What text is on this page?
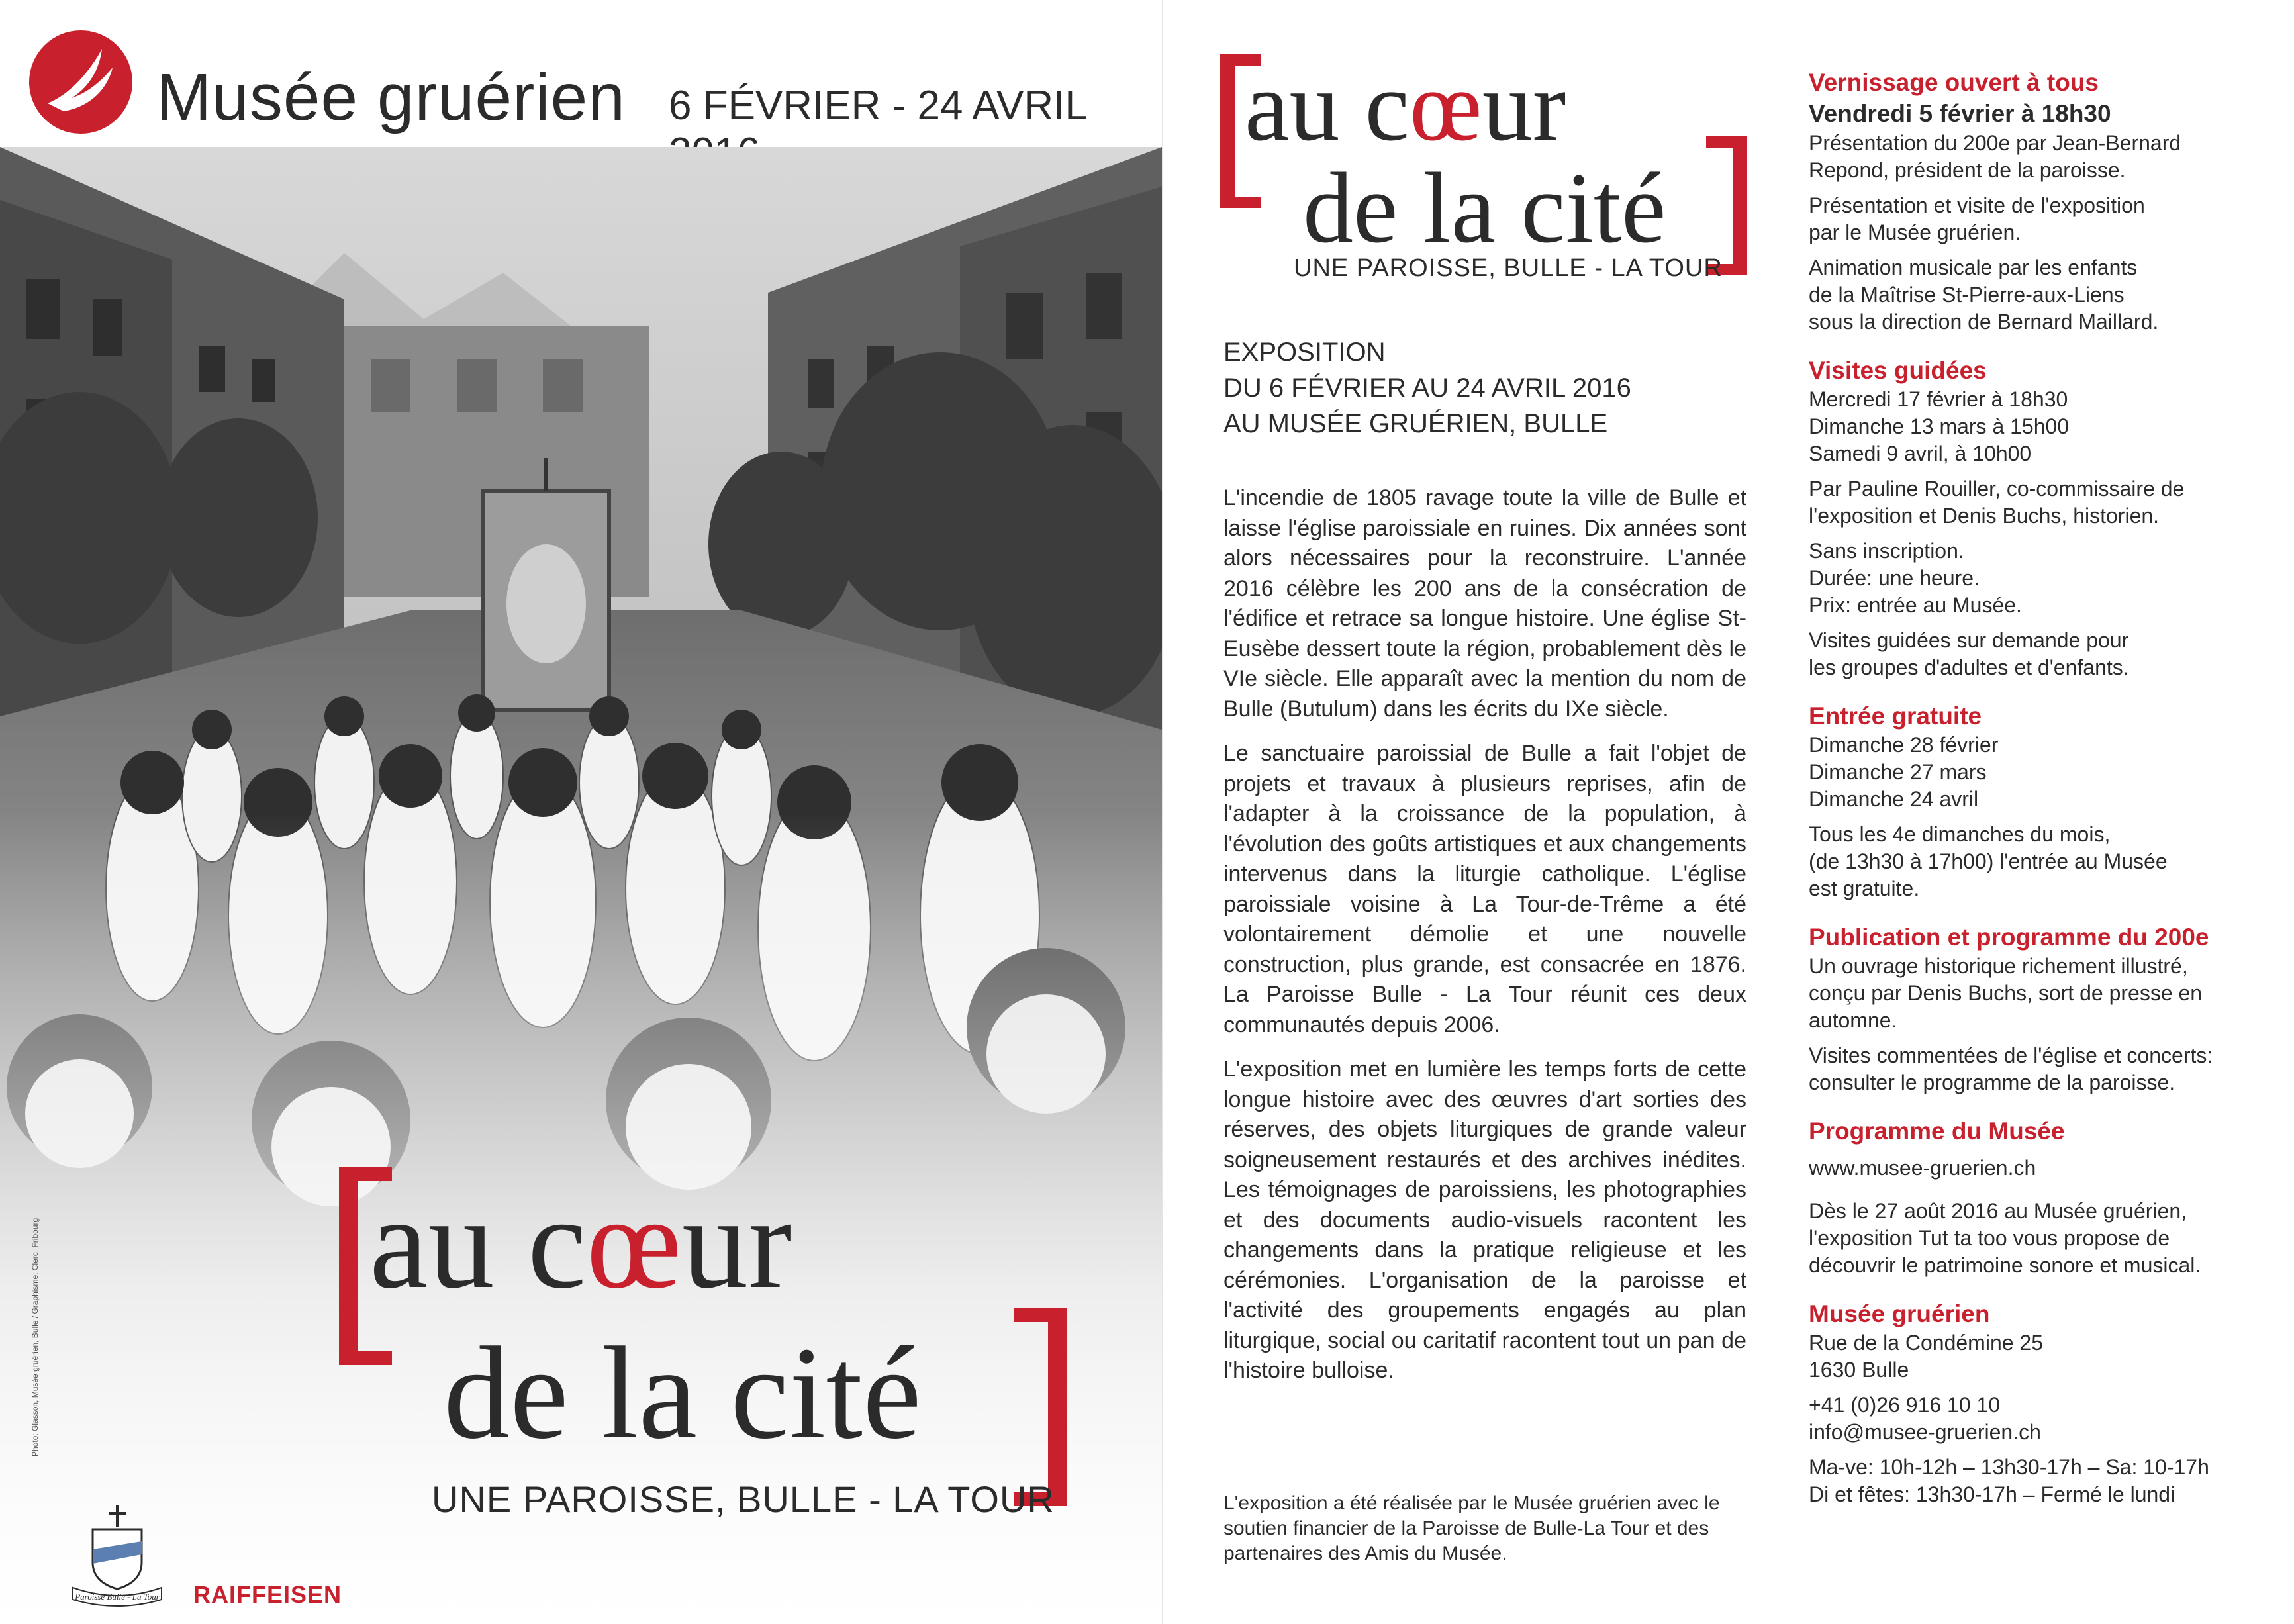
Musée gruérien 6 FÉVRIER - 24 AVRIL
au cœur
de la cité
UNE PAROISSE, BULLE - LA TOUR
Paroisse Bulle - La Tour RAIFFEISEN
au cœur
de la cité
UNE PAROISSE, BULLE - LA TOUR
EXPOSITION
DU 6 FÉVRIER AU 24 AVRIL 2016
AU MUSÉE GRUÉRIEN, BULLE

L'incendie de 1805 ravage toute la ville de Bulle et laisse l'église paroissiale en ruines. Dix années sont alors nécessaires pour la reconstruire. L'année 2016 célèbre les 200 ans de la consécration de l'édifice et retrace sa longue histoire. Une église St- Eusèbe dessert toute la région, probablement dès le VIe siècle. Elle apparaît avec la mention du nom de Bulle (Butulum) dans les écrits du IXe siècle.

Le sanctuaire paroissial de Bulle a fait l'objet de projets et travaux à plusieurs reprises, afin de l'adapter à la croissance de la population, à l'évolution des goûts artistiques et aux changements intervenus dans la liturgie catholique. L'église paroissiale voisine à La Tour-de-Trême a été volontairement démolie et une nouvelle construction, plus grande, est consacrée en 1876. La Paroisse Bulle - La Tour réunit ces deux communautés depuis 2006.

L'exposition met en lumière les temps forts de cette longue histoire avec des œuvres d'art sorties des réserves, des objets liturgiques de grande valeur soigneusement restaurés et des archives inédites. Les témoignages de paroissiens, les photographies et des documents audio-visuels racontent les changements dans la pratique religieuse et les cérémonies. L'organisation de la paroisse et l'activité des groupements engagés au plan liturgique, social ou caritatif racontent tout un pan de l'histoire bulloise.

L'exposition a été réalisée par le Musée gruérien avec le soutien financier de la Paroisse de Bulle-La Tour et des partenaires des Amis du Musée.
Vernissage ouvert à tous
Vendredi 5 février à 18h30
Présentation du 200e par Jean-Bernard
Repond, président de la paroisse.
Présentation et visite de l'exposition
par le Musée gruérien.
Animation musicale par les enfants
de la Maîtrise St-Pierre-aux-Liens
sous la direction de Bernard Maillard.
Visites guidées
Mercredi 17 février à 18h30
Dimanche 13 mars à 15h00
Samedi 9 avril, à 10h00
Par Pauline Rouiller, co-commissaire de
l'exposition et Denis Buchs, historien.
Sans inscription.
Durée: une heure.
Prix: entrée au Musée.
Visites guidées sur demande pour
les groupes d'adultes et d'enfants.
Entrée gratuite
Dimanche 28 février
Dimanche 27 mars
Dimanche 24 avril
Tous les 4e dimanches du mois,
(de 13h30 à 17h00) l'entrée au Musée
est gratuite.
Publication et programme du 200e
Un ouvrage historique richement illustré,
conçu par Denis Buchs, sort de presse en
automne.
Visites commentées de l'église et concerts:
consulter le programme de la paroisse.
Programme du Musée
www.musee-gruerien.ch
Dès le 27 août 2016 au Musée gruérien,
l'exposition Tut ta too vous propose de
découvrir le patrimoine sonore et musical.
Musée gruérien
Rue de la Condémine 25
1630 Bulle
+41 (0)26 916 10 10
info@musee-gruerien.ch
Ma-ve: 10h-12h – 13h30-17h – Sa: 10-17h
Di et fêtes: 13h30-17h – Fermé le lundi
